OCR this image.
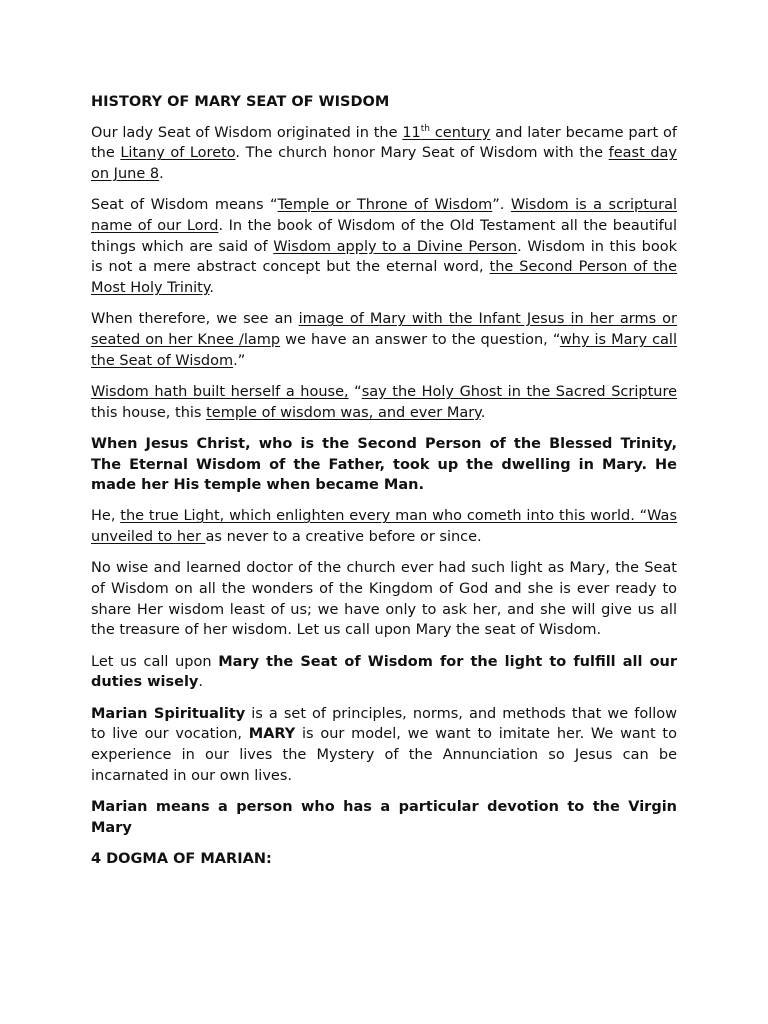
HISTORY OF MARY SEAT OF WISDOM

Our lady Seat of Wisdom originated in the 11th century and later became part of the Litany of Loreto. The church honor Mary Seat of Wisdom with the feast day on June 8.

Seat of Wisdom means “Temple or Throne of Wisdom”. Wisdom is a scriptural name of our Lord. In the book of Wisdom of the Old Testament all the beautiful things which are said of Wisdom apply to a Divine Person. Wisdom in this book is not a mere abstract concept but the eternal word, the Second Person of the Most Holy Trinity.

When therefore, we see an image of Mary with the Infant Jesus in her arms or seated on her Knee /lamp we have an answer to the question, “why is Mary call the Seat of Wisdom.”

Wisdom hath built herself a house, “say the Holy Ghost in the Sacred Scripture this house, this temple of wisdom was, and ever Mary.

When Jesus Christ, who is the Second Person of the Blessed Trinity, The Eternal Wisdom of the Father, took up the dwelling in Mary. He made her His temple when became Man.

He, the true Light, which enlighten every man who cometh into this world. “Was unveiled to her as never to a creative before or since.

No wise and learned doctor of the church ever had such light as Mary, the Seat of Wisdom on all the wonders of the Kingdom of God and she is ever ready to share Her wisdom least of us; we have only to ask her, and she will give us all the treasure of her wisdom. Let us call upon Mary the seat of Wisdom.

Let us call upon Mary the Seat of Wisdom for the light to fulfill all our duties wisely.

Marian Spirituality is a set of principles, norms, and methods that we follow to live our vocation, MARY is our model, we want to imitate her. We want to experience in our lives the Mystery of the Annunciation so Jesus can be incarnated in our own lives.

Marian means a person who has a particular devotion to the Virgin Mary

4 DOGMA OF MARIAN:
